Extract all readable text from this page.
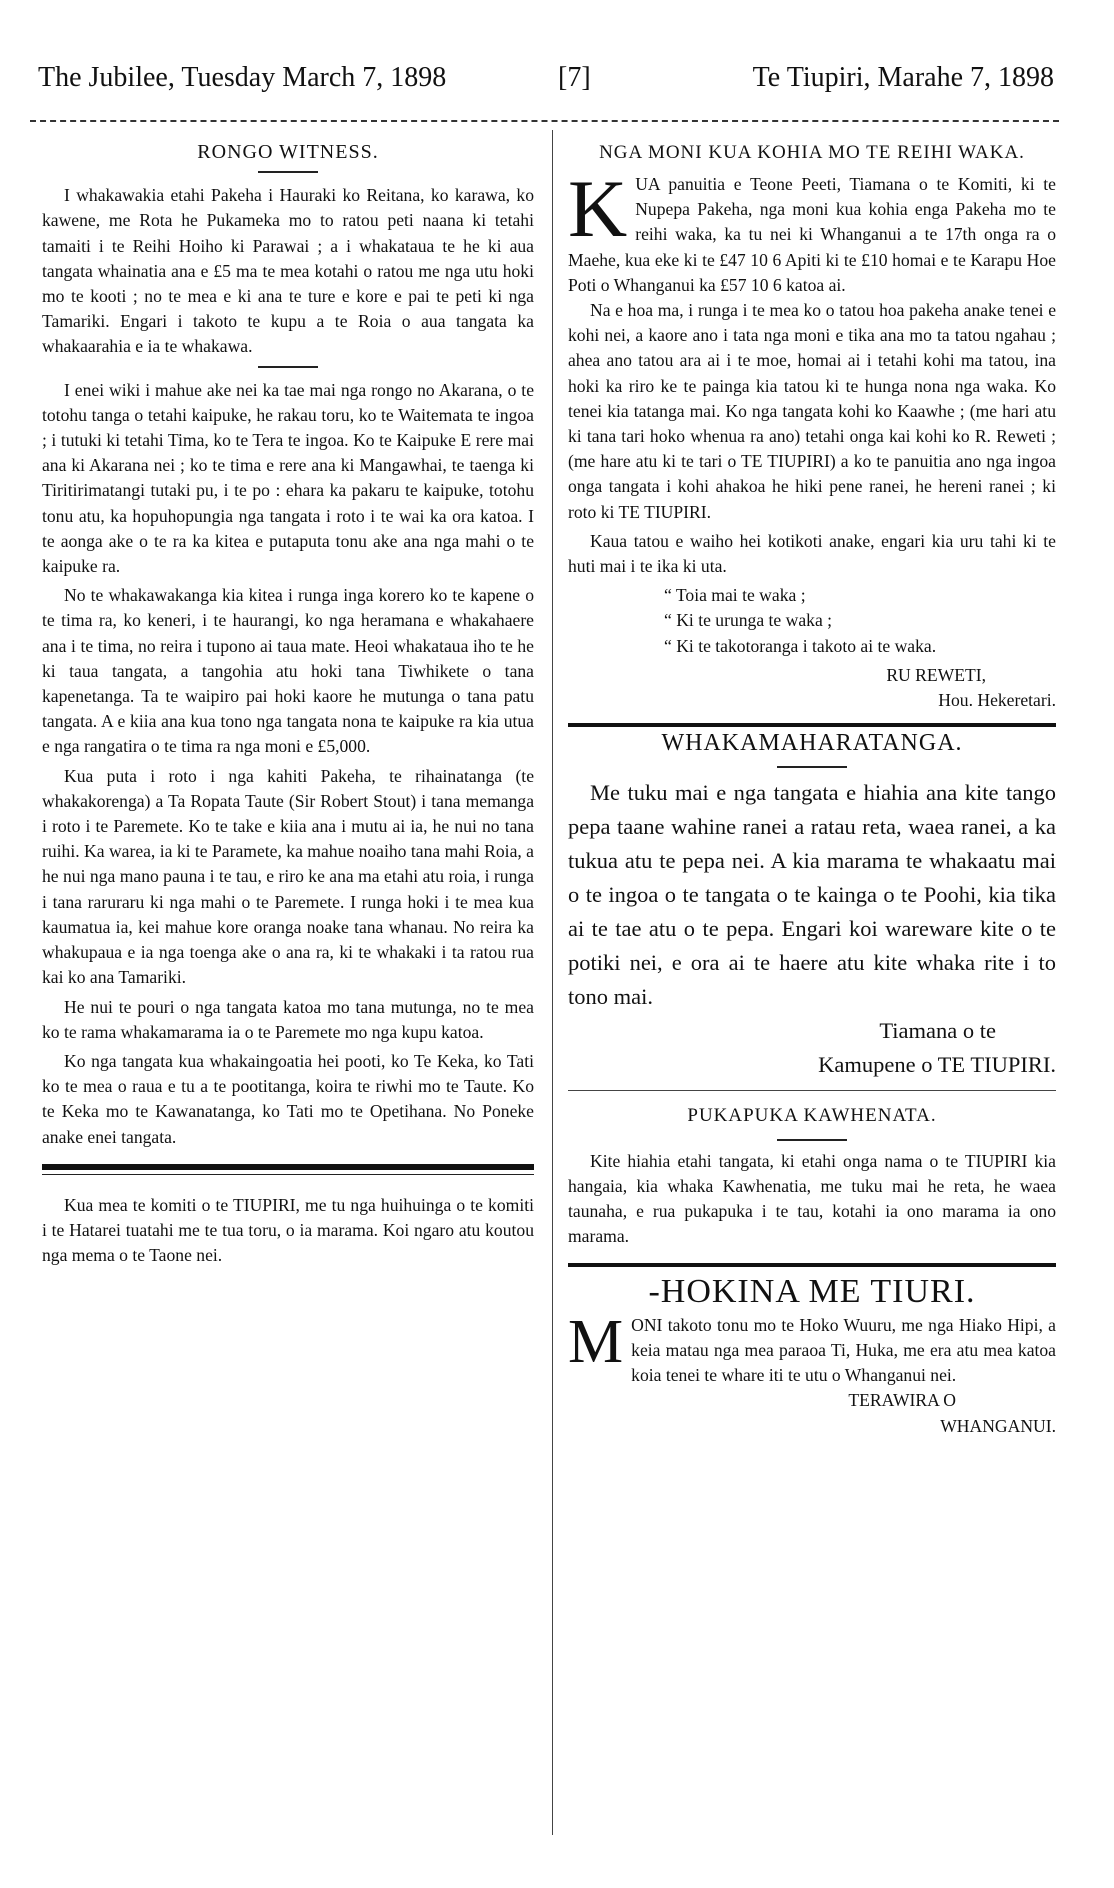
The Jubilee, Tuesday March 7, 1898	[7]	Te Tiupiri, Marahe 7, 1898
RONGO WITNESS.

I whakawakia etahi Pakeha i Hauraki ko Reitana, ko karawa, ko kawene, me Rota he Pukameka mo to ratou peti naana ki tetahi tamaiti i te Reihi Hoiho ki Parawai ; a i whakataua te he ki aua tangata whainatia ana e £5 ma te mea kotahi o ratou me nga utu hoki mo te kooti ; no te mea e ki ana te ture e kore e pai te peti ki nga Tamariki. Engari i takoto te kupu a te Roia o aua tangata ka whakaarahia e ia te whakawa.

I enei wiki i mahue ake nei ka tae mai nga rongo no Akarana, o te totohu tanga o tetahi kaipuke, he rakau toru, ko te Waitemata te ingoa ; i tutuki ki tetahi Tima, ko te Tera te ingoa. Ko te Kaipuke E rere mai ana ki Akarana nei ; ko te tima e rere ana ki Mangawhai, te taenga ki Tiritirimatangi tutaki pu, i te po : ehara ka pakaru te kaipuke, totohu tonu atu, ka hopuhopungia nga tangata i roto i te wai ka ora katoa. I te aonga ake o te ra ka kitea e putaputa tonu ake ana nga mahi o te kaipuke ra.

No te whakawakanga kia kitea i runga inga korero ko te kapene o te tima ra, ko keneri, i te haurangi, ko nga heramana e whakahaere ana i te tima, no reira i tupono ai taua mate. Heoi whakataua iho te he ki taua tangata, a tangohia atu hoki tana Tiwhikete o tana kapenetanga. Ta te waipiro pai hoki kaore he mutunga o tana patu tangata. A e kiia ana kua tono nga tangata nona te kaipuke ra kia utua e nga rangatira o te tima ra nga moni e £5,000.

Kua puta i roto i nga kahiti Pakeha, te rihainatanga (te whakakorenga) a Ta Ropata Taute (Sir Robert Stout) i tana memanga i roto i te Paremete. Ko te take e kiia ana i mutu ai ia, he nui no tana ruihi. Ka warea, ia ki te Paramete, ka mahue noaiho tana mahi Roia, a he nui nga mano pauna i te tau, e riro ke ana ma etahi atu roia, i runga i tana raruraru ki nga mahi o te Paremete. I runga hoki i te mea kua kaumatua ia, kei mahue kore oranga noake tana whanau. No reira ka whakupaua e ia nga toenga ake o ana ra, ki te whakaki i ta ratou rua kai ko ana Tamariki.

He nui te pouri o nga tangata katoa mo tana mutunga, no te mea ko te rama whakamarama ia o te Paremete mo nga kupu katoa.

Ko nga tangata kua whakaingoatia hei pooti, ko Te Keka, ko Tati ko te mea o raua e tu a te pootitanga, koira te riwhi mo te Taute. Ko te Keka mo te Kawanatanga, ko Tati mo te Opetihana. No Poneke anake enei tangata.

Kua mea te komiti o te TIUPIRI, me tu nga huihuinga o te komiti i te Hatarei tuatahi me te tua toru, o ia marama. Koi ngaro atu koutou nga mema o te Taone nei.

NGA MONI KUA KOHIA MO TE REIHI WAKA.
K UA panuitia e Teone Peeti, Tiamana o te Komiti, ki te Nupepa Pakeha, nga moni kua kohia enga Pakeha mo te reihi waka, ka tu nei ki Whanganui a te 17th onga ra o Maehe, kua eke ki te £47 10 6 Apiti ki te £10 homai e te Karapu Hoe Poti o Whanganui ka £57 10 6 katoa ai.

Na e hoa ma, i runga i te mea ko o tatou hoa pakeha anake tenei e kohi nei, a kaore ano i tata nga moni e tika ana mo ta tatou ngahau ; ahea ano tatou ara ai i te moe, homai ai i tetahi kohi ma tatou, ina hoki ka riro ke te painga kia tatou ki te hunga nona nga waka. Ko tenei kia tatanga mai. Ko nga tangata kohi ko Kaawhe ; (me hari atu ki tana tari hoko whenua ra ano) tetahi onga kai kohi ko R. Reweti ; (me hare atu ki te tari o TE TIUPIRI) a ko te panuitia ano nga ingoa onga tangata i kohi ahakoa he hiki pene ranei, he hereni ranei ; ki roto ki TE TIUPIRI.

Kaua tatou e waiho hei kotikoti anake, engari kia uru tahi ki te huti mai i te ika ki uta.

“ Toia mai te waka ;
“ Ki te urunga te waka ;
“ Ki te takotoranga i takoto ai te waka.
RU REWETI,
Hou. Hekeretari.
WHAKAMAHARATANGA.

Me tuku mai e nga tangata e hiahia ana kite tango pepa taane wahine ranei a ratau reta, waea ranei, a ka tukua atu te pepa nei. A kia marama te whakaatu mai o te ingoa o te tangata o te kainga o te Poohi, kia tika ai te tae atu o te pepa. Engari koi wareware kite o te potiki nei, e ora ai te haere atu kite whaka rite i to tono mai.

Tiamana o te
Kamupene o TE TIUPIRI.
PUKAPUKA KAWHENATA.

Kite hiahia etahi tangata, ki etahi onga nama o te TIUPIRI kia hangaia, kia whaka Kawhenatia, me tuku mai he reta, he waea taunaha, e rua pukapuka i te tau, kotahi ia ono marama ia ono marama.

-HOKINA ME TIURI.
M ONI takoto tonu mo te Hoko Wuuru, me nga Hiako Hipi, a keia matau nga mea paraoa Ti, Huka, me era atu mea katoa koia tenei te whare iti te utu o Whanganui nei.
TERAWIRA O
WHANGANUI.
